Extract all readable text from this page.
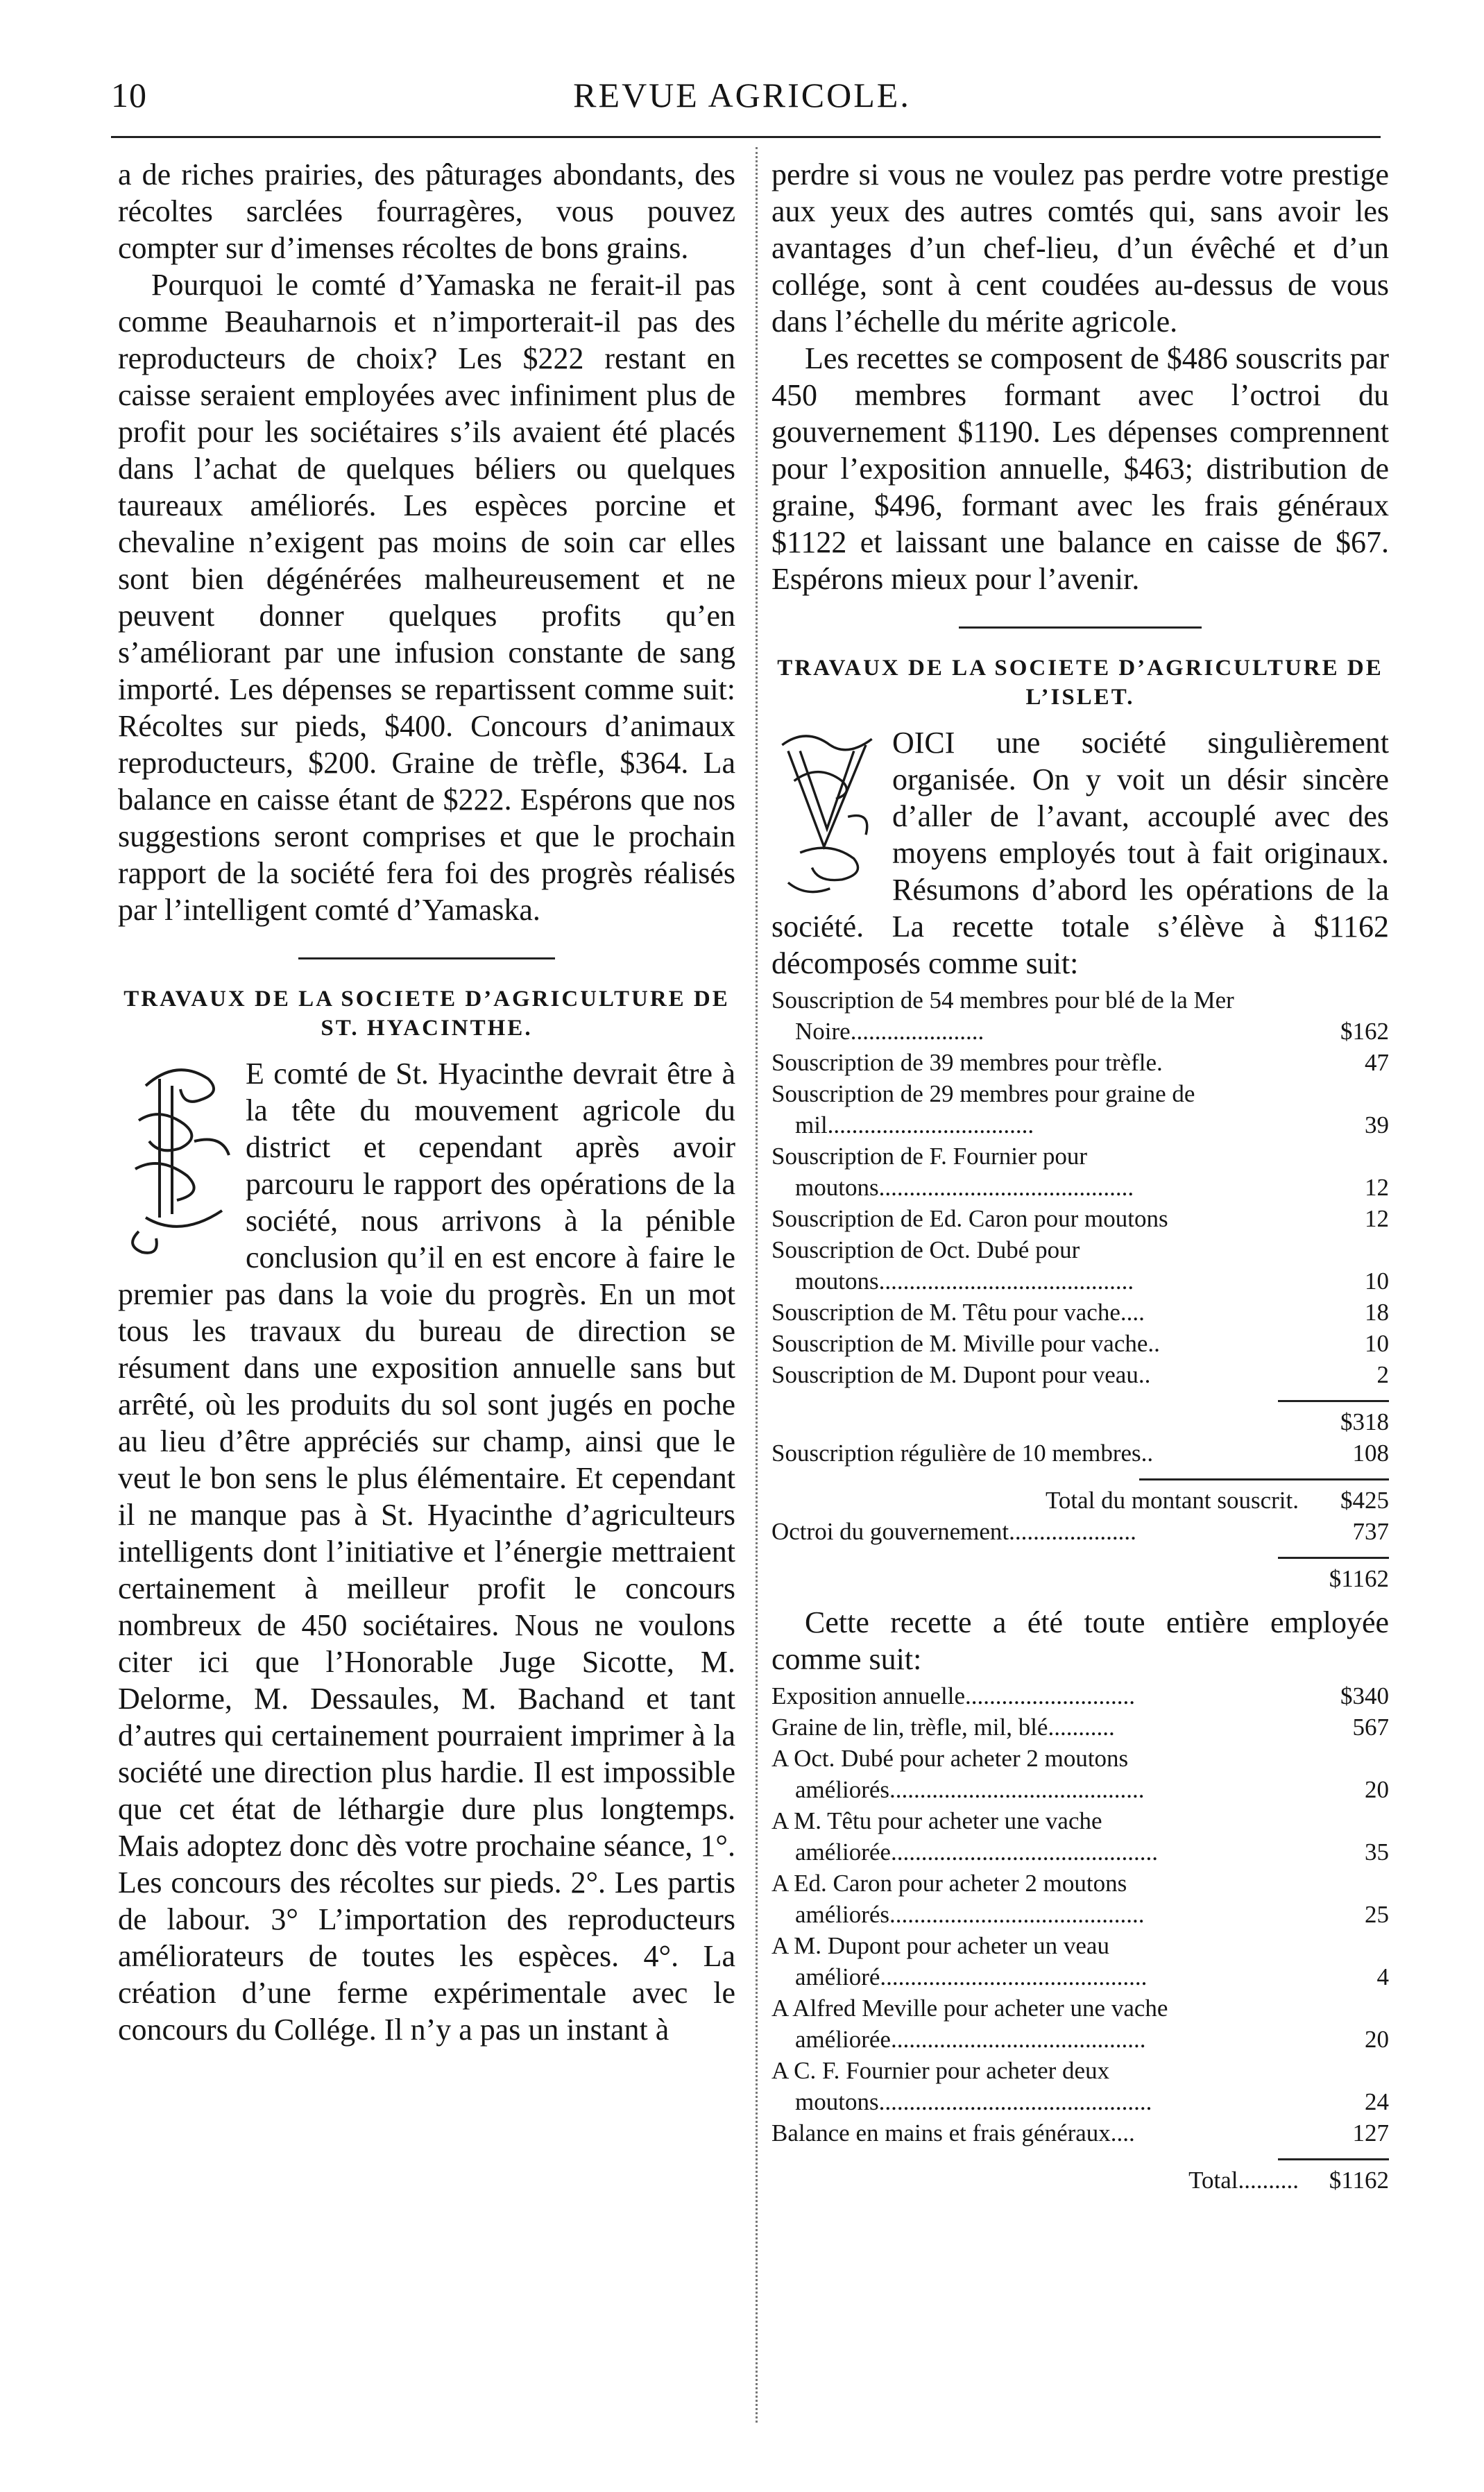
10	REVUE AGRICOLE.

a de riches prairies, des pâturages abondants, des récoltes sarclées fourragères, vous pouvez compter sur d’imenses récoltes de bons grains.

Pourquoi le comté d’Yamaska ne ferait-il pas comme Beauharnois et n’importerait-il pas des reproducteurs de choix? Les $222 restant en caisse seraient employées avec infiniment plus de profit pour les sociétaires s’ils avaient été placés dans l’achat de quelques béliers ou quelques taureaux améliorés. Les espèces porcine et chevaline n’exigent pas moins de soin car elles sont bien dégénérées malheureusement et ne peuvent donner quelques profits qu’en s’améliorant par une infusion constante de sang importé. Les dépenses se repartissent comme suit: Récoltes sur pieds, $400. Concours d’animaux reproducteurs, $200. Graine de trèfle, $364. La balance en caisse étant de $222. Espérons que nos suggestions seront comprises et que le prochain rapport de la société fera foi des progrès réalisés par l’intelligent comté d’Yamaska.

TRAVAUX DE LA SOCIETE D’AGRICULTURE DE ST. HYACINTHE.

E comté de St. Hyacinthe devrait être à la tête du mouvement agricole du district et cependant après avoir parcouru le rapport des opérations de la société, nous arrivons à la pénible conclusion qu’il en est encore à faire le premier pas dans la voie du progrès. En un mot tous les travaux du bureau de direction se résument dans une exposition annuelle sans but arrêté, où les produits du sol sont jugés en poche au lieu d’être appréciés sur champ, ainsi que le veut le bon sens le plus élémentaire. Et cependant il ne manque pas à St. Hyacinthe d’agriculteurs intelligents dont l’initiative et l’énergie mettraient certainement à meilleur profit le concours nombreux de 450 sociétaires. Nous ne voulons citer ici que l’Honorable Juge Sicotte, M. Delorme, M. Dessaules, M. Bachand et tant d’autres qui certainement pourraient imprimer à la société une direction plus hardie. Il est impossible que cet état de léthargie dure plus longtemps. Mais adoptez donc dès votre prochaine séance, 1°. Les concours des récoltes sur pieds. 2°. Les partis de labour. 3° L’importation des reproducteurs améliorateurs de toutes les espèces. 4°. La création d’une ferme expérimentale avec le concours du Collége. Il n’y a pas un instant à

perdre si vous ne voulez pas perdre votre prestige aux yeux des autres comtés qui, sans avoir les avantages d’un chef-lieu, d’un évêché et d’un collége, sont à cent coudées au-dessus de vous dans l’échelle du mérite agricole.

Les recettes se composent de $486 souscrits par 450 membres formant avec l’octroi du gouvernement $1190. Les dépenses comprennent pour l’exposition annuelle, $463; distribution de graine, $496, formant avec les frais généraux $1122 et laissant une balance en caisse de $67. Espérons mieux pour l’avenir.

TRAVAUX DE LA SOCIETE D’AGRICULTURE DE L’ISLET.

OICI une société singulièrement organisée. On y voit un désir sincère d’aller de l’avant, accouplé avec des moyens employés tout à fait originaux. Résumons d’abord les opérations de la société. La recette totale s’élève à $1162 décomposés comme suit:

Souscription de 54 membres pour blé de la Mer Noire......................	$162
Souscription de 39 membres pour trèfle.	47
Souscription de 29 membres pour graine de mil..................................	39
Souscription de F. Fournier pour moutons..........................................	12
Souscription de Ed. Caron pour moutons	12
Souscription de Oct. Dubé pour moutons..........................................	10
Souscription de M. Têtu pour vache....	18
Souscription de M. Miville pour vache..	10
Souscription de M. Dupont pour veau..	2
$318
Souscription régulière de 10 membres..	108
Total du montant souscrit.	$425
Octroi du gouvernement.....................	737
$1162

Cette recette a été toute entière employée comme suit:

Exposition annuelle............................	$340
Graine de lin, trèfle, mil, blé...........	567
A Oct. Dubé pour acheter 2 moutons améliorés..........................................	20
A M. Têtu pour acheter une vache améliorée............................................	35
A Ed. Caron pour acheter 2 moutons améliorés..........................................	25
A M. Dupont pour acheter un veau amélioré............................................	4
A Alfred Meville pour acheter une vache améliorée..........................................	20
A C. F. Fournier pour acheter deux moutons.............................................	24
Balance en mains et frais généraux....	127
Total..........	$1162
